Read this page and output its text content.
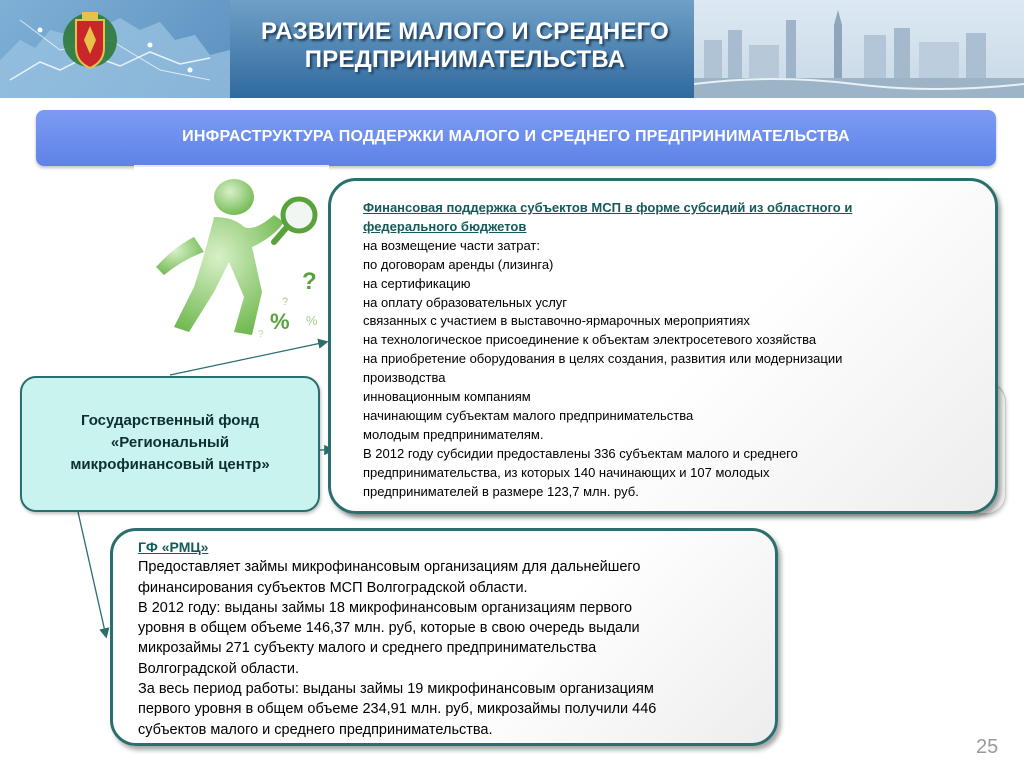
РАЗВИТИЕ МАЛОГО И СРЕДНЕГО
ПРЕДПРИНИМАТЕЛЬСТВА
ИНФРАСТРУКТУРА ПОДДЕРЖКИ МАЛОГО И СРЕДНЕГО ПРЕДПРИНИМАТЕЛЬСТВА
?
% %
?
?
Финансовая поддержка субъектов МСП в форме субсидий из областного и
федерального бюджетов
на возмещение части затрат:
по договорам аренды (лизинга)
на сертификацию
на оплату образовательных услуг
связанных с участием в выставочно-ярмарочных мероприятиях
на технологическое присоединение к объектам электросетевого хозяйства
на приобретение оборудования в целях создания, развития или модернизации
производства
инновационным компаниям
начинающим субъектам малого предпринимательства
молодым предпринимателям.
В 2012 году субсидии предоставлены 336 субъектам малого и среднего
предпринимательства, из которых 140 начинающих и 107 молодых
предпринимателей в размере 123,7 млн. руб.
Государственный фонд
«Региональный
микрофинансовый центр»
ГФ «РМЦ»
Предоставляет займы микрофинансовым организациям для дальнейшего
финансирования субъектов МСП Волгоградской области.
В 2012 году: выданы займы 18 микрофинансовым организациям первого
уровня в общем объеме 146,37 млн. руб, которые в свою очередь выдали
микрозаймы 271 субъекту малого и среднего предпринимательства
Волгоградской области.
За весь период работы: выданы займы 19 микрофинансовым организациям
первого уровня в общем объеме 234,91 млн. руб, микрозаймы получили 446
субъектов малого и среднего предпринимательства.
25
